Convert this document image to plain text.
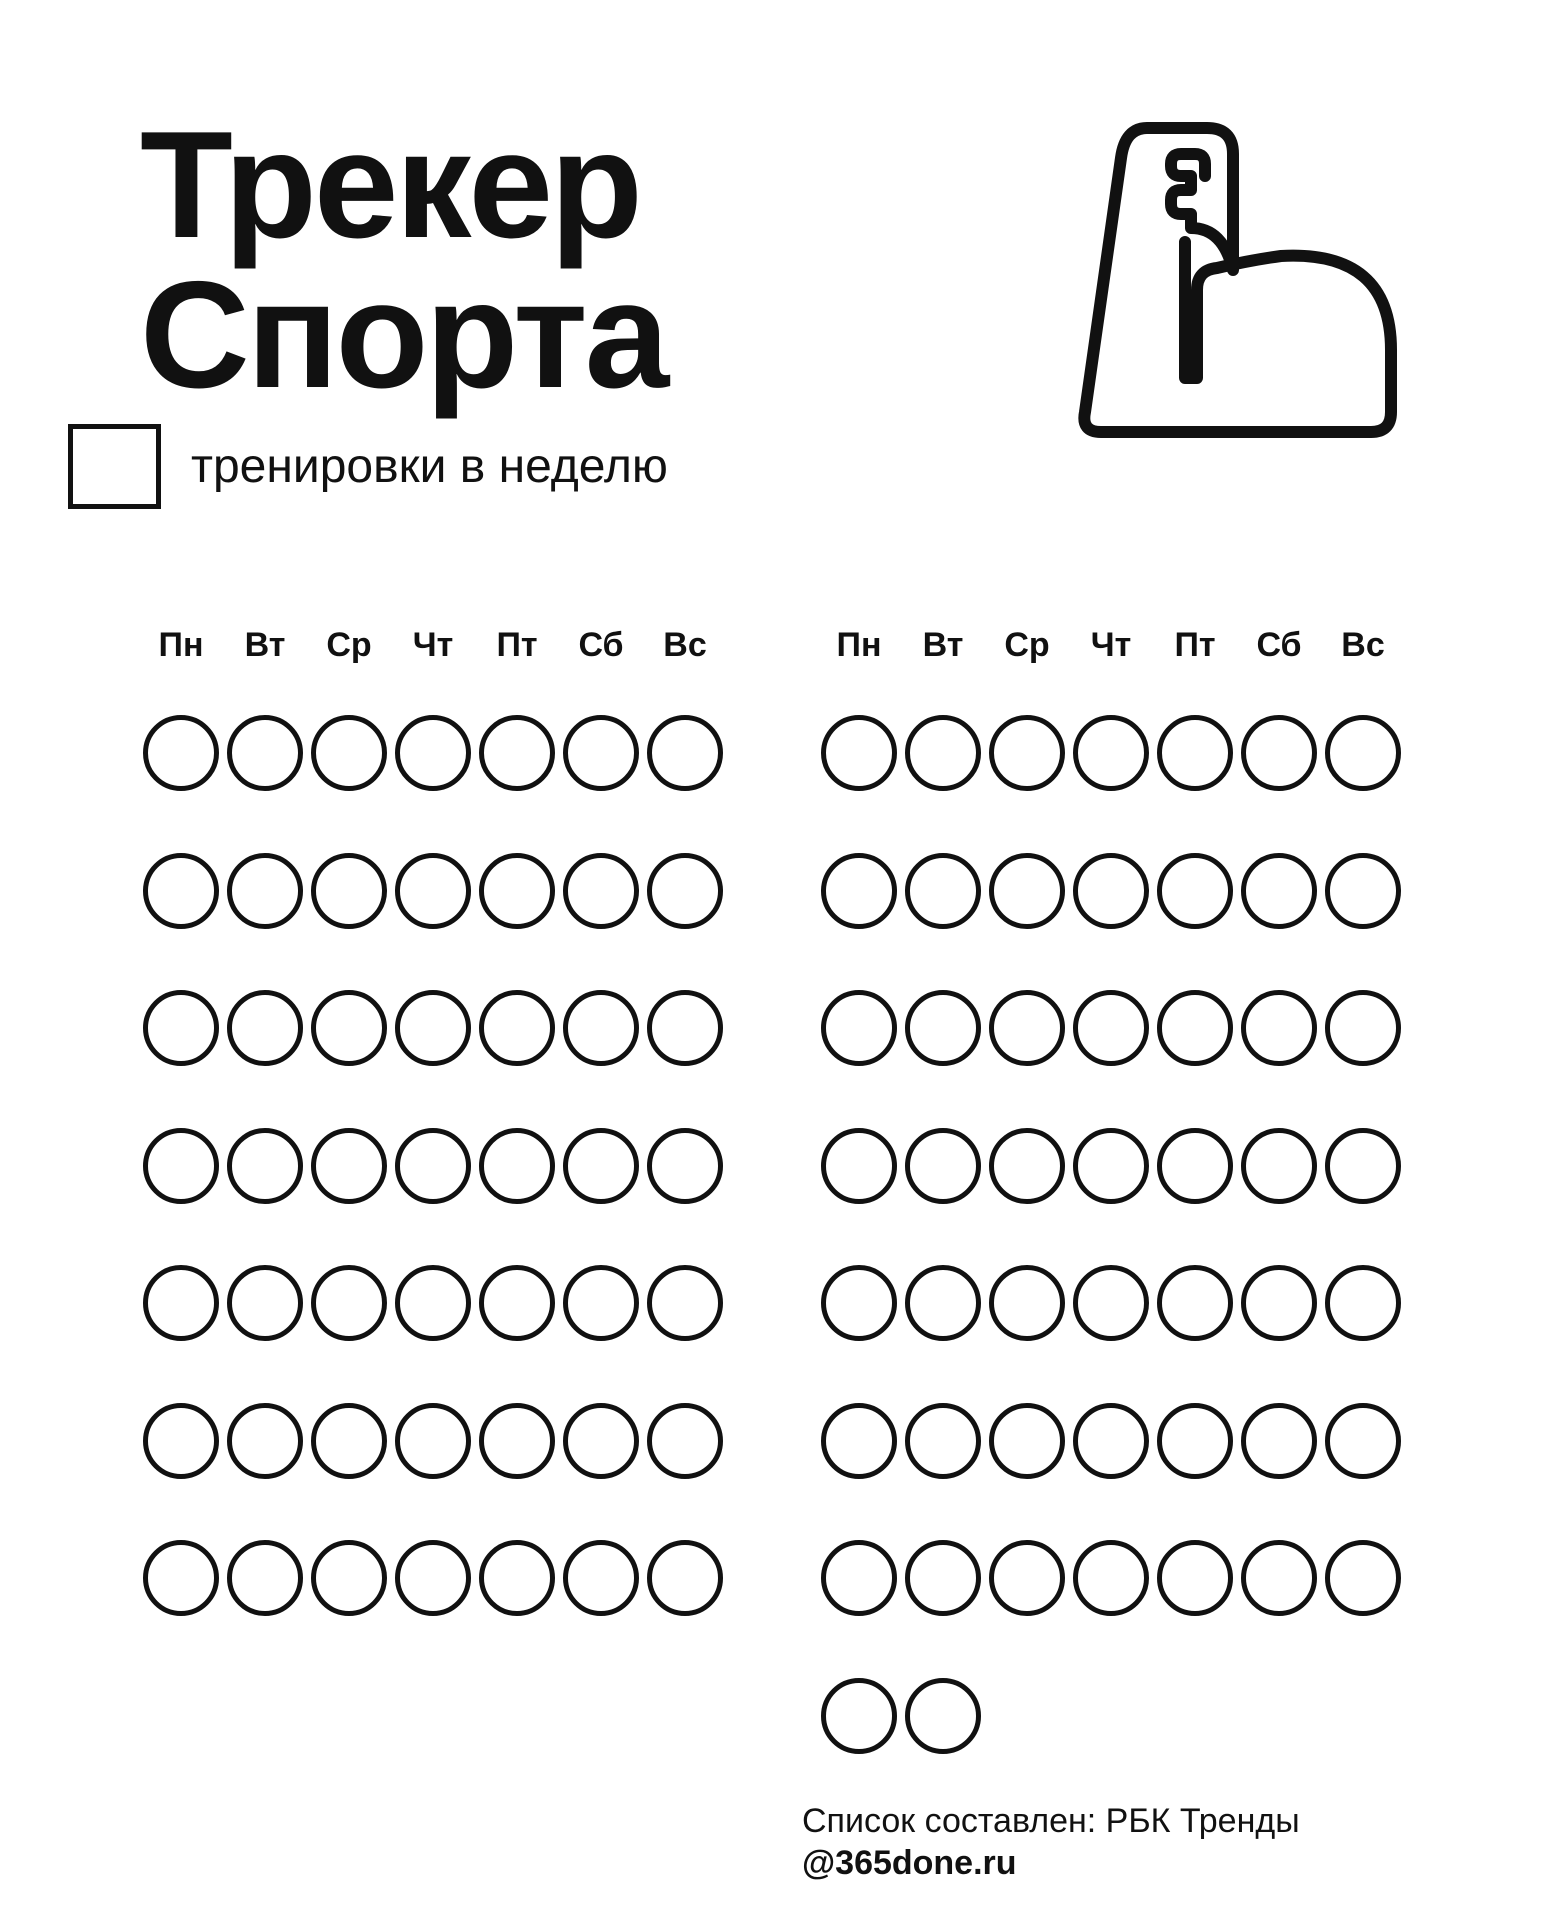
Трекер
Спорта
тренировки в неделю
Пн	Вт	Ср	Чт	Пт	Сб	Вс	Пн	Вт	Ср	Чт	Пт	Сб	Вс
Список составлен: РБК Тренды
@365done.ru
